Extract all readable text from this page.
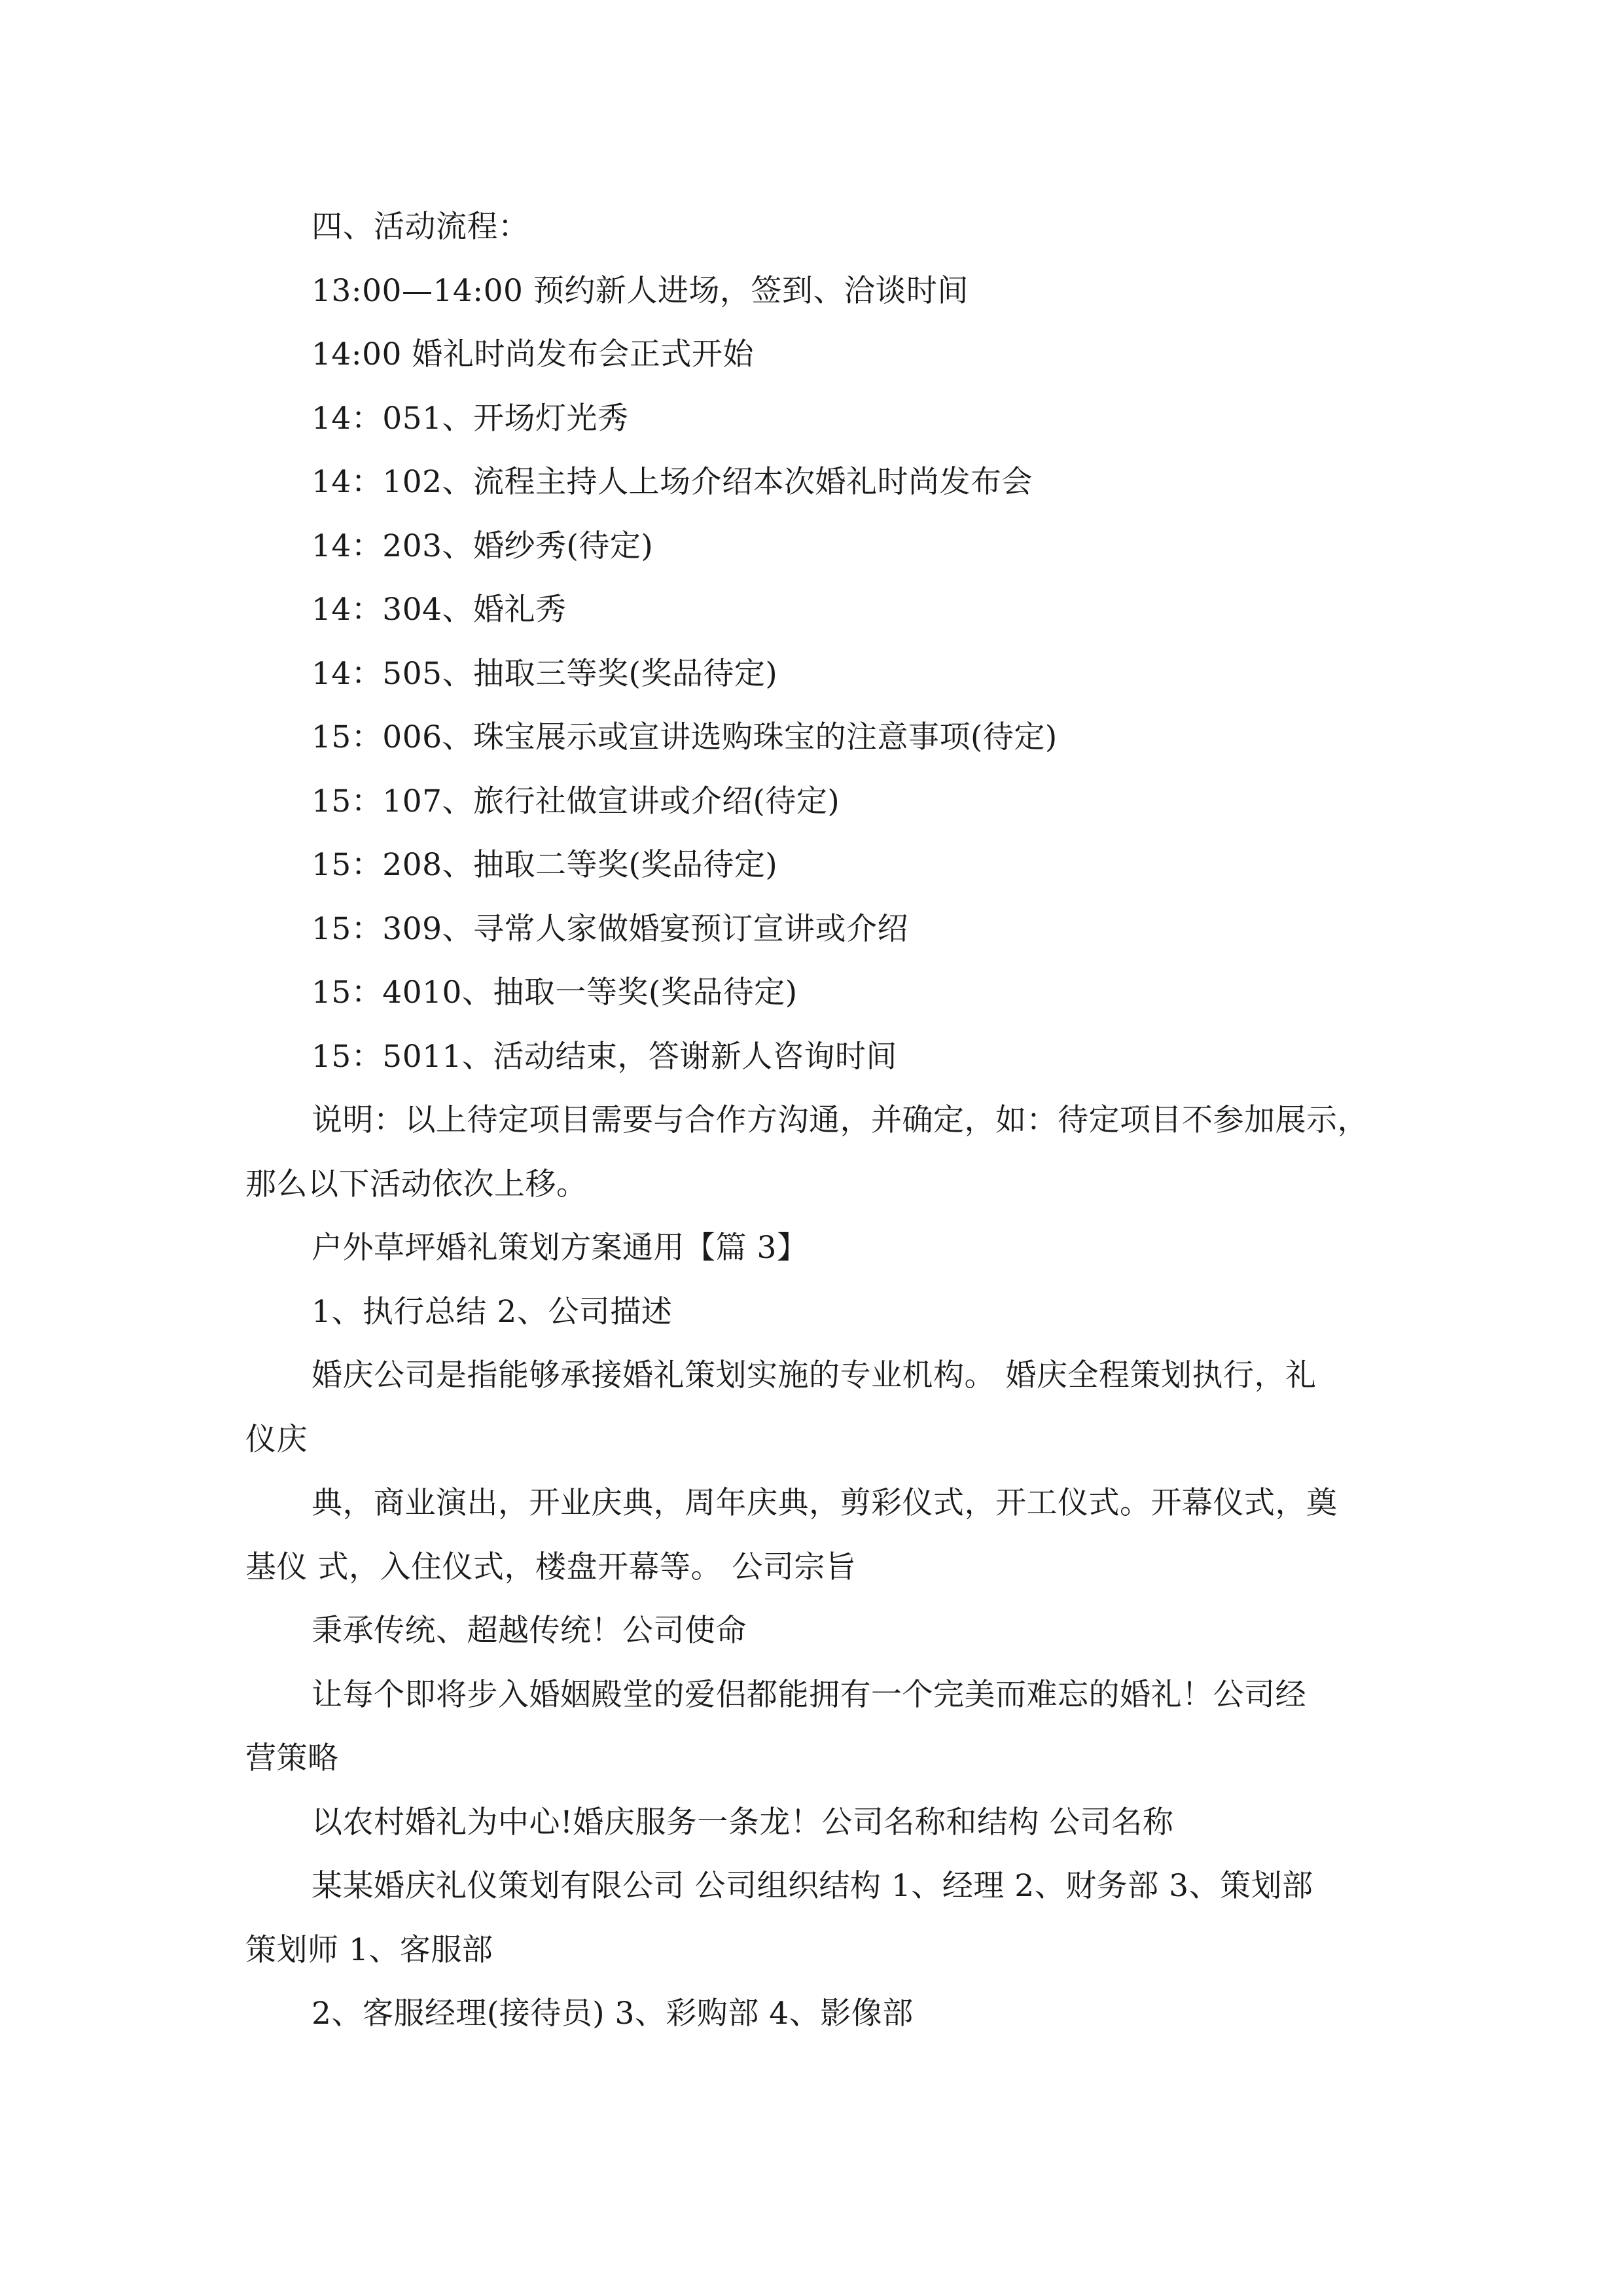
四、活动流程：
13:00—14:00 预约新人进场，签到、洽谈时间
14:00 婚礼时尚发布会正式开始
14：051、开场灯光秀
14：102、流程主持人上场介绍本次婚礼时尚发布会
14：203、婚纱秀(待定)
14：304、婚礼秀
14：505、抽取三等奖(奖品待定)
15：006、珠宝展示或宣讲选购珠宝的注意事项(待定)
15：107、旅行社做宣讲或介绍(待定)
15：208、抽取二等奖(奖品待定)
15：309、寻常人家做婚宴预订宣讲或介绍
15：4010、抽取一等奖(奖品待定)
15：5011、活动结束，答谢新人咨询时间
说明：以上待定项目需要与合作方沟通，并确定，如：待定项目不参加展示，
那么以下活动依次上移。
户外草坪婚礼策划方案通用【篇 3】
1、执行总结 2、公司描述
婚庆公司是指能够承接婚礼策划实施的专业机构。 婚庆全程策划执行，礼
仪庆
典，商业演出，开业庆典，周年庆典，剪彩仪式，开工仪式。开幕仪式，奠
基仪 式，入住仪式，楼盘开幕等。 公司宗旨
秉承传统、超越传统！公司使命
让每个即将步入婚姻殿堂的爱侣都能拥有一个完美而难忘的婚礼！公司经
营策略
以农村婚礼为中心!婚庆服务一条龙！公司名称和结构 公司名称
某某婚庆礼仪策划有限公司 公司组织结构 1、经理 2、财务部 3、策划部
策划师 1、客服部
2、客服经理(接待员) 3、彩购部 4、影像部
